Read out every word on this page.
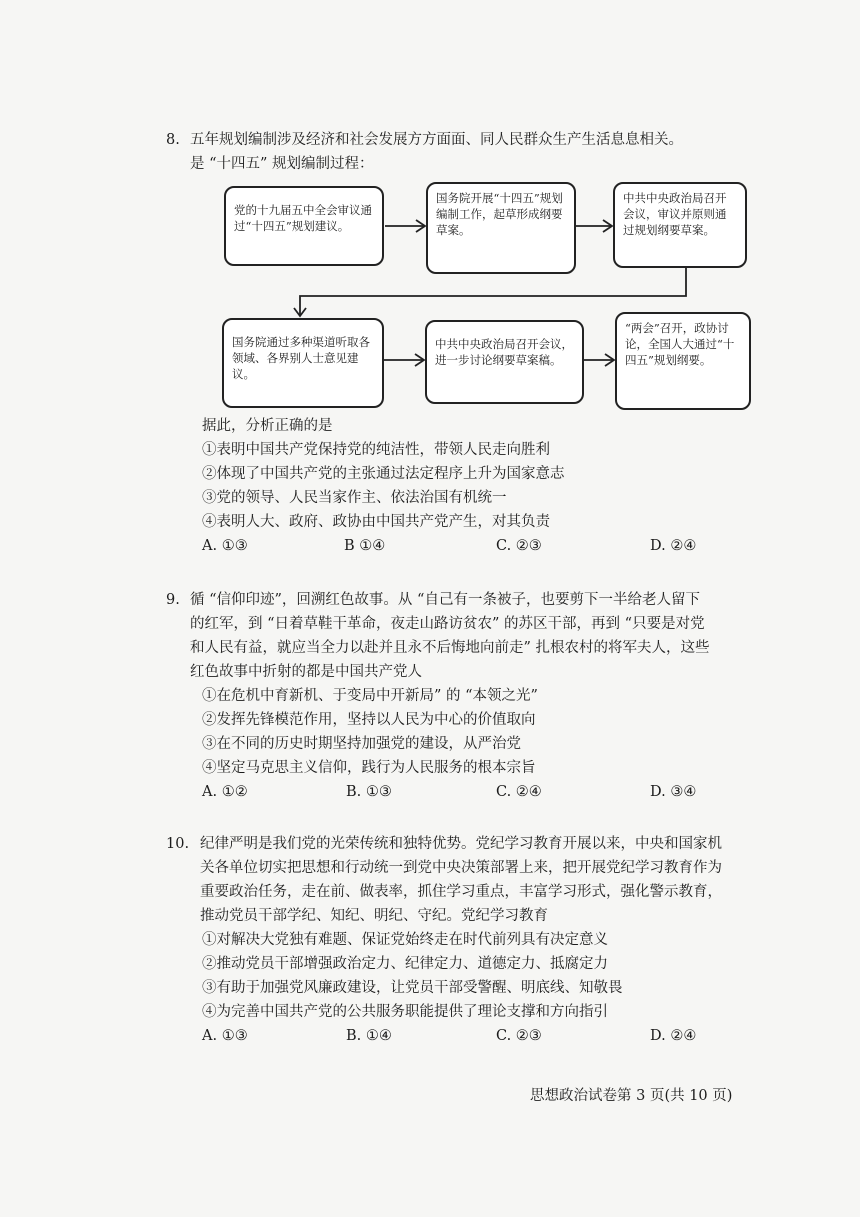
8. 五年规划编制涉及经济和社会发展方方面面、同人民群众生产生活息息相关。
是 “十四五” 规划编制过程：
党的十九届五中全会审议通过“十四五”规划建议。
国务院开展“十四五”规划编制工作，起草形成纲要草案。
中共中央政治局召开会议，审议并原则通过规划纲要草案。
国务院通过多种渠道听取各领域、各界别人士意见建议。
中共中央政治局召开会议，进一步讨论纲要草案稿。
“两会”召开，政协讨论，全国人大通过“十四五”规划纲要。
据此，分析正确的是
①表明中国共产党保持党的纯洁性，带领人民走向胜利
②体现了中国共产党的主张通过法定程序上升为国家意志
③党的领导、人民当家作主、依法治国有机统一
④表明人大、政府、政协由中国共产党产生，对其负责
A. ①③	B ①④	C. ②③	D. ②④
9. 循 “信仰印迹”，回溯红色故事。从 “自己有一条被子，也要剪下一半给老人留下
的红军，到 “日着草鞋干革命，夜走山路访贫农” 的苏区干部，再到 “只要是对党
和人民有益，就应当全力以赴并且永不后悔地向前走” 扎根农村的将军夫人，这些
红色故事中折射的都是中国共产党人
①在危机中育新机、于变局中开新局” 的 “本领之光”
②发挥先锋模范作用，坚持以人民为中心的价值取向
③在不同的历史时期坚持加强党的建设，从严治党
④坚定马克思主义信仰，践行为人民服务的根本宗旨
A. ①②	B. ①③	C. ②④	D. ③④
10. 纪律严明是我们党的光荣传统和独特优势。党纪学习教育开展以来，中央和国家机
关各单位切实把思想和行动统一到党中央决策部署上来，把开展党纪学习教育作为
重要政治任务，走在前、做表率，抓住学习重点，丰富学习形式，强化警示教育，
推动党员干部学纪、知纪、明纪、守纪。党纪学习教育
①对解决大党独有难题、保证党始终走在时代前列具有决定意义
②推动党员干部增强政治定力、纪律定力、道德定力、抵腐定力
③有助于加强党风廉政建设，让党员干部受警醒、明底线、知敬畏
④为完善中国共产党的公共服务职能提供了理论支撑和方向指引
A. ①③	B. ①④	C. ②③	D. ②④
思想政治试卷第 3 页(共 10 页)
